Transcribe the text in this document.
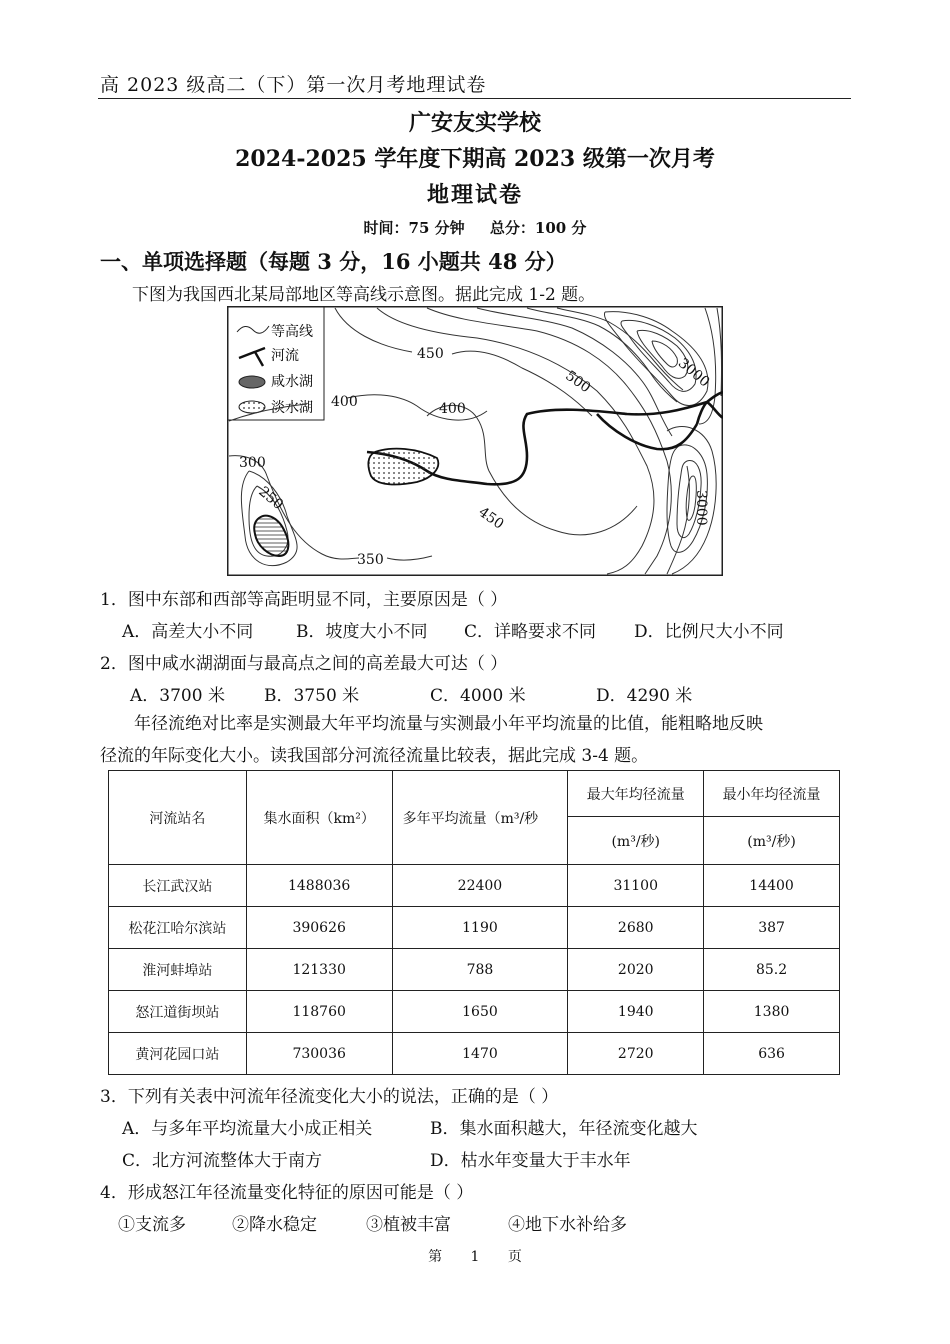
高 2023 级高二（下）第一次月考地理试卷
广安友实学校
2024-2025 学年度下期高 2023 级第一次月考
地理试卷
时间：75 分钟 总分：100 分
一、单项选择题（每题 3 分，16 小题共 48 分）
下图为我国西北某局部地区等高线示意图。据此完成 1-2 题。
等高线
河流
咸水湖
淡水湖
450
500	3000
400	400
300
250
450	3000
350
1．图中东部和西部等高距明显不同，主要原因是（ ）
A．高差大小不同	B．坡度大小不同 C．详略要求不同 D．比例尺大小不同
2．图中咸水湖湖面与最高点之间的高差最大可达（ ）
A．3700 米 B．3750 米	C．4000 米	D．4290 米
年径流绝对比率是实测最大年平均流量与实测最小年平均流量的比值，能粗略地反映
径流的年际变化大小。读我国部分河流径流量比较表，据此完成 3-4 题。
河流站名	集水面积（km²）	多年平均流量（m³/秒	最大年均径流量	最小年均径流量
			(m³/秒)	(m³/秒)
长江武汉站	1488036	22400	31100	14400
松花江哈尔滨站	390626	1190	2680	387
淮河蚌埠站	121330	788	2020	85.2
怒江道街坝站	118760	1650	1940	1380
黄河花园口站	730036	1470	2720	636
3．下列有关表中河流年径流变化大小的说法，正确的是（ ）
A．与多年平均流量大小成正相关	B．集水面积越大，年径流变化越大
C．北方河流整体大于南方	D．枯水年变量大于丰水年
4．形成怒江年径流量变化特征的原因可能是（ ）
①支流多	②降水稳定	③植被丰富	④地下水补给多
第 1 页
